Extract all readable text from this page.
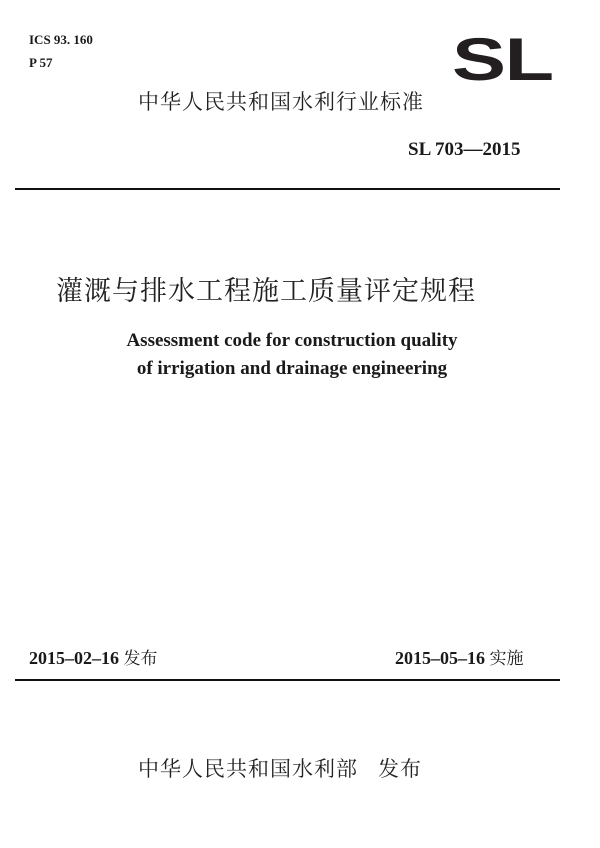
ICS 93. 160
P 57	SL
中华人民共和国水利行业标准
SL 703—2015
灌溉与排水工程施工质量评定规程
Assessment code for construction quality
of irrigation and drainage engineering
2015–02–16 发布	2015–05–16 实施
中华人民共和国水利部 发布
